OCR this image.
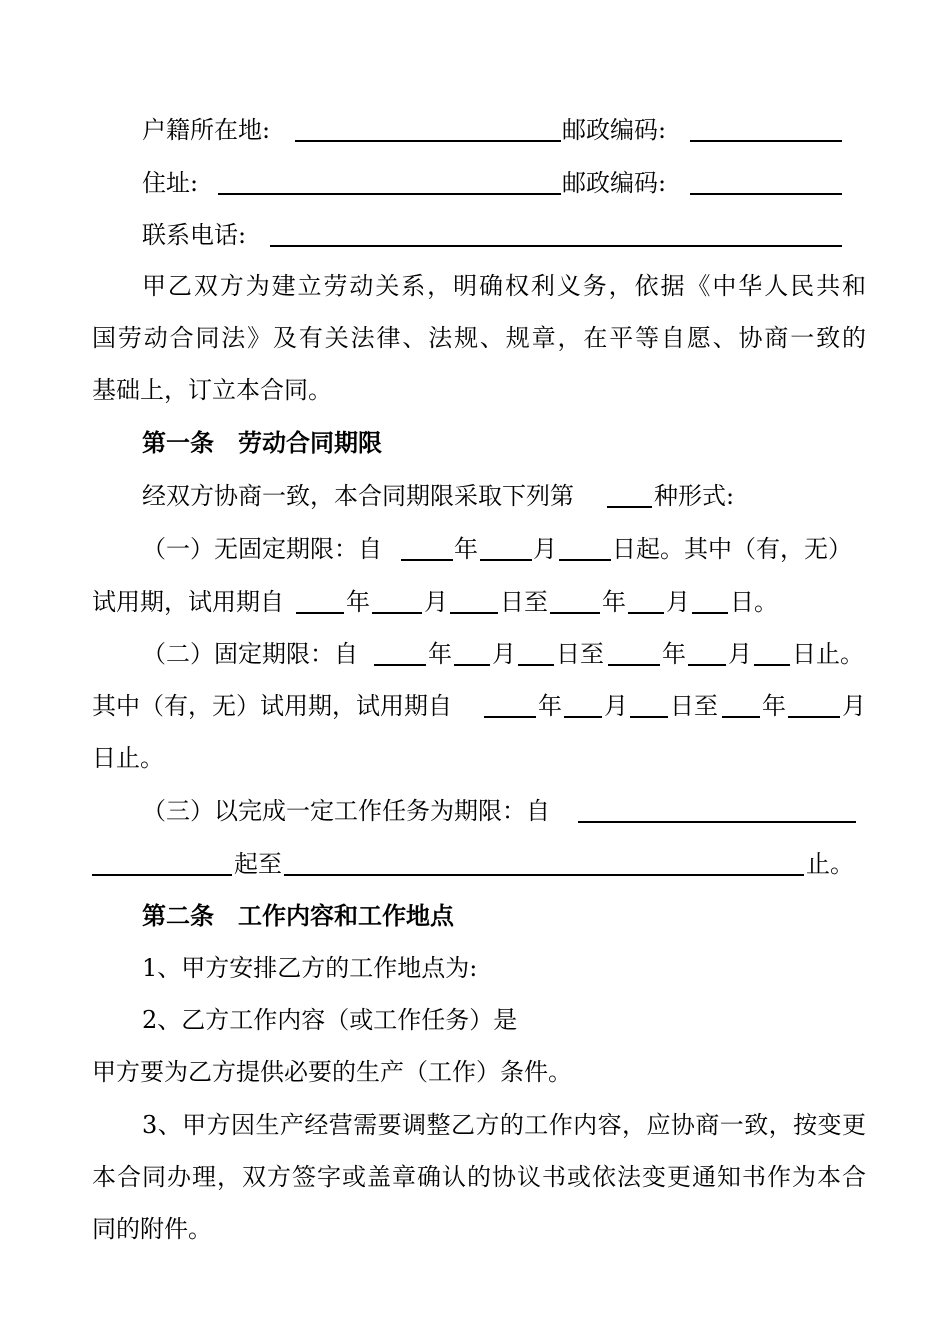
户籍所在地:	邮政编码:
住址:	邮政编码:
联系电话:
甲乙双方为建立劳动关系，明确权利义务，依据《中华人民共和
国劳动合同法》及有关法律、法规、规章，在平等自愿、协商一致的
基础上，订立本合同。
第一条　劳动合同期限
经双方协商一致，本合同期限采取下列第	种形式:
（一）无固定期限：自	年 月 日起。其中（有，无）
试用期，试用期自	年 月 日至 年 月 日。
（二）固定期限：自	年 月 日至 年 月 日止。
其中（有，无）试用期，试用期自	年 月 日至 年 月
日止。
（三）以完成一定工作任务为期限：自
起至	止。
第二条　工作内容和工作地点
1、甲方安排乙方的工作地点为:
2、乙方工作内容（或工作任务）是
甲方要为乙方提供必要的生产（工作）条件。
3、甲方因生产经营需要调整乙方的工作内容，应协商一致，按变更
本合同办理，双方签字或盖章确认的协议书或依法变更通知书作为本合
同的附件。
